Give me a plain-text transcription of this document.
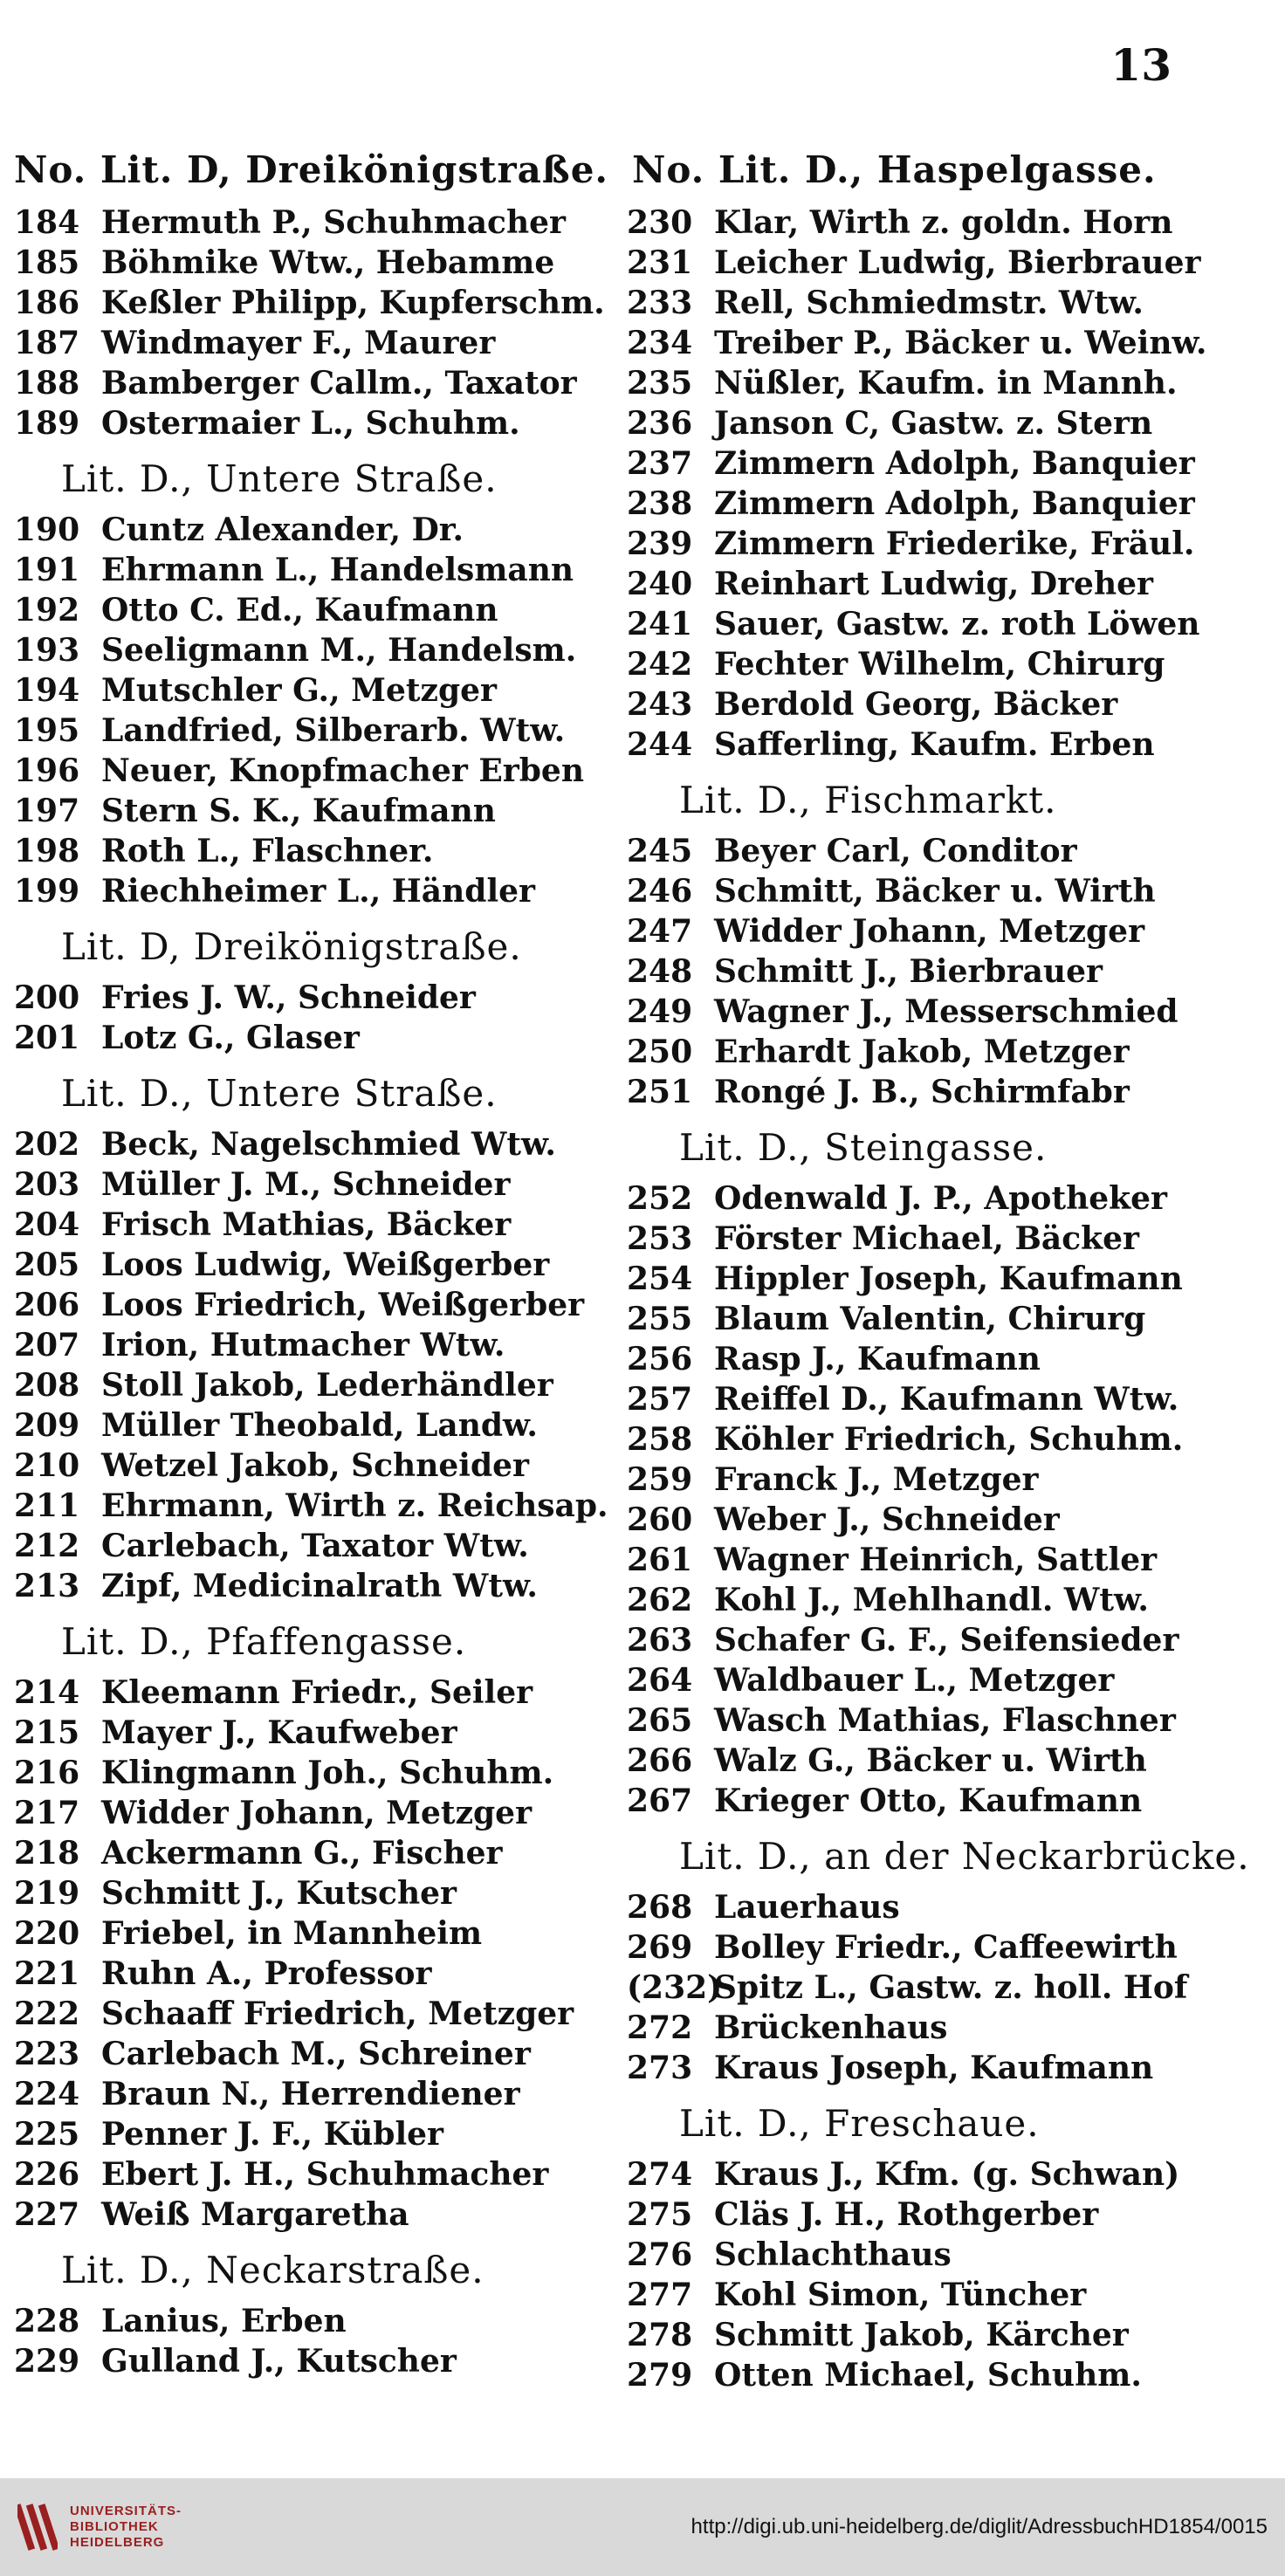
13
No. Lit. D, Dreikönigstraße.
184 Hermuth P., Schuhmacher
185 Böhmike Wtw., Hebamme
186 Keßler Philipp, Kupferschm.
187 Windmayer F., Maurer
188 Bamberger Callm., Taxator
189 Ostermaier L., Schuhm.
Lit. D., Untere Straße.
190 Cuntz Alexander, Dr.
191 Ehrmann L., Handelsmann
192 Otto C. Ed., Kaufmann
193 Seeligmann M., Handelsm.
194 Mutschler G., Metzger
195 Landfried, Silberarb. Wtw.
196 Neuer, Knopfmacher Erben
197 Stern S. K., Kaufmann
198 Roth L., Flaschner.
199 Riechheimer L., Händler
Lit. D, Dreikönigstraße.
200 Fries J. W., Schneider
201 Lotz G., Glaser
Lit. D., Untere Straße.
202 Beck, Nagelschmied Wtw.
203 Müller J. M., Schneider
204 Frisch Mathias, Bäcker
205 Loos Ludwig, Weißgerber
206 Loos Friedrich, Weißgerber
207 Irion, Hutmacher Wtw.
208 Stoll Jakob, Lederhändler
209 Müller Theobald, Landw.
210 Wetzel Jakob, Schneider
211 Ehrmann, Wirth z. Reichsap.
212 Carlebach, Taxator Wtw.
213 Zipf, Medicinalrath Wtw.
Lit. D., Pfaffengasse.
214 Kleemann Friedr., Seiler
215 Mayer J., Kaufweber
216 Klingmann Joh., Schuhm.
217 Widder Johann, Metzger
218 Ackermann G., Fischer
219 Schmitt J., Kutscher
220 Friebel, in Mannheim
221 Ruhn A., Professor
222 Schaaff Friedrich, Metzger
223 Carlebach M., Schreiner
224 Braun N., Herrendiener
225 Penner J. F., Kübler
226 Ebert J. H., Schuhmacher
227 Weiß Margaretha
Lit. D., Neckarstraße.
228 Lanius, Erben
229 Gulland J., Kutscher
No. Lit. D., Haspelgasse.
230 Klar, Wirth z. goldn. Horn
231 Leicher Ludwig, Bierbrauer
233 Rell, Schmiedmstr. Wtw.
234 Treiber P., Bäcker u. Weinw.
235 Nüßler, Kaufm. in Mannh.
236 Janson C, Gastw. z. Stern
237 Zimmern Adolph, Banquier
238 Zimmern Adolph, Banquier
239 Zimmern Friederike, Fräul.
240 Reinhart Ludwig, Dreher
241 Sauer, Gastw. z. roth Löwen
242 Fechter Wilhelm, Chirurg
243 Berdold Georg, Bäcker
244 Safferling, Kaufm. Erben
Lit. D., Fischmarkt.
245 Beyer Carl, Conditor
246 Schmitt, Bäcker u. Wirth
247 Widder Johann, Metzger
248 Schmitt J., Bierbrauer
249 Wagner J., Messerschmied
250 Erhardt Jakob, Metzger
251 Rongé J. B., Schirmfabr
Lit. D., Steingasse.
252 Odenwald J. P., Apotheker
253 Förster Michael, Bäcker
254 Hippler Joseph, Kaufmann
255 Blaum Valentin, Chirurg
256 Rasp J., Kaufmann
257 Reiffel D., Kaufmann Wtw.
258 Köhler Friedrich, Schuhm.
259 Franck J., Metzger
260 Weber J., Schneider
261 Wagner Heinrich, Sattler
262 Kohl J., Mehlhandl. Wtw.
263 Schafer G. F., Seifensieder
264 Waldbauer L., Metzger
265 Wasch Mathias, Flaschner
266 Walz G., Bäcker u. Wirth
267 Krieger Otto, Kaufmann
Lit. D., an der Neckarbrücke.
268 Lauerhaus
269 Bolley Friedr., Caffeewirth
(232)
Spitz L., Gastw. z. holl. Hof
272 Brückenhaus
273 Kraus Joseph, Kaufmann
Lit. D., Freschaue.
274 Kraus J., Kfm. (g. Schwan)
275 Cläs J. H., Rothgerber
276 Schlachthaus
277 Kohl Simon, Tüncher
278 Schmitt Jakob, Kärcher
279 Otten Michael, Schuhm.
UNIVERSITÄTS-
BIBLIOTHEK
HEIDELBERG
http://digi.ub.uni-heidelberg.de/diglit/AdressbuchHD1854/0015
